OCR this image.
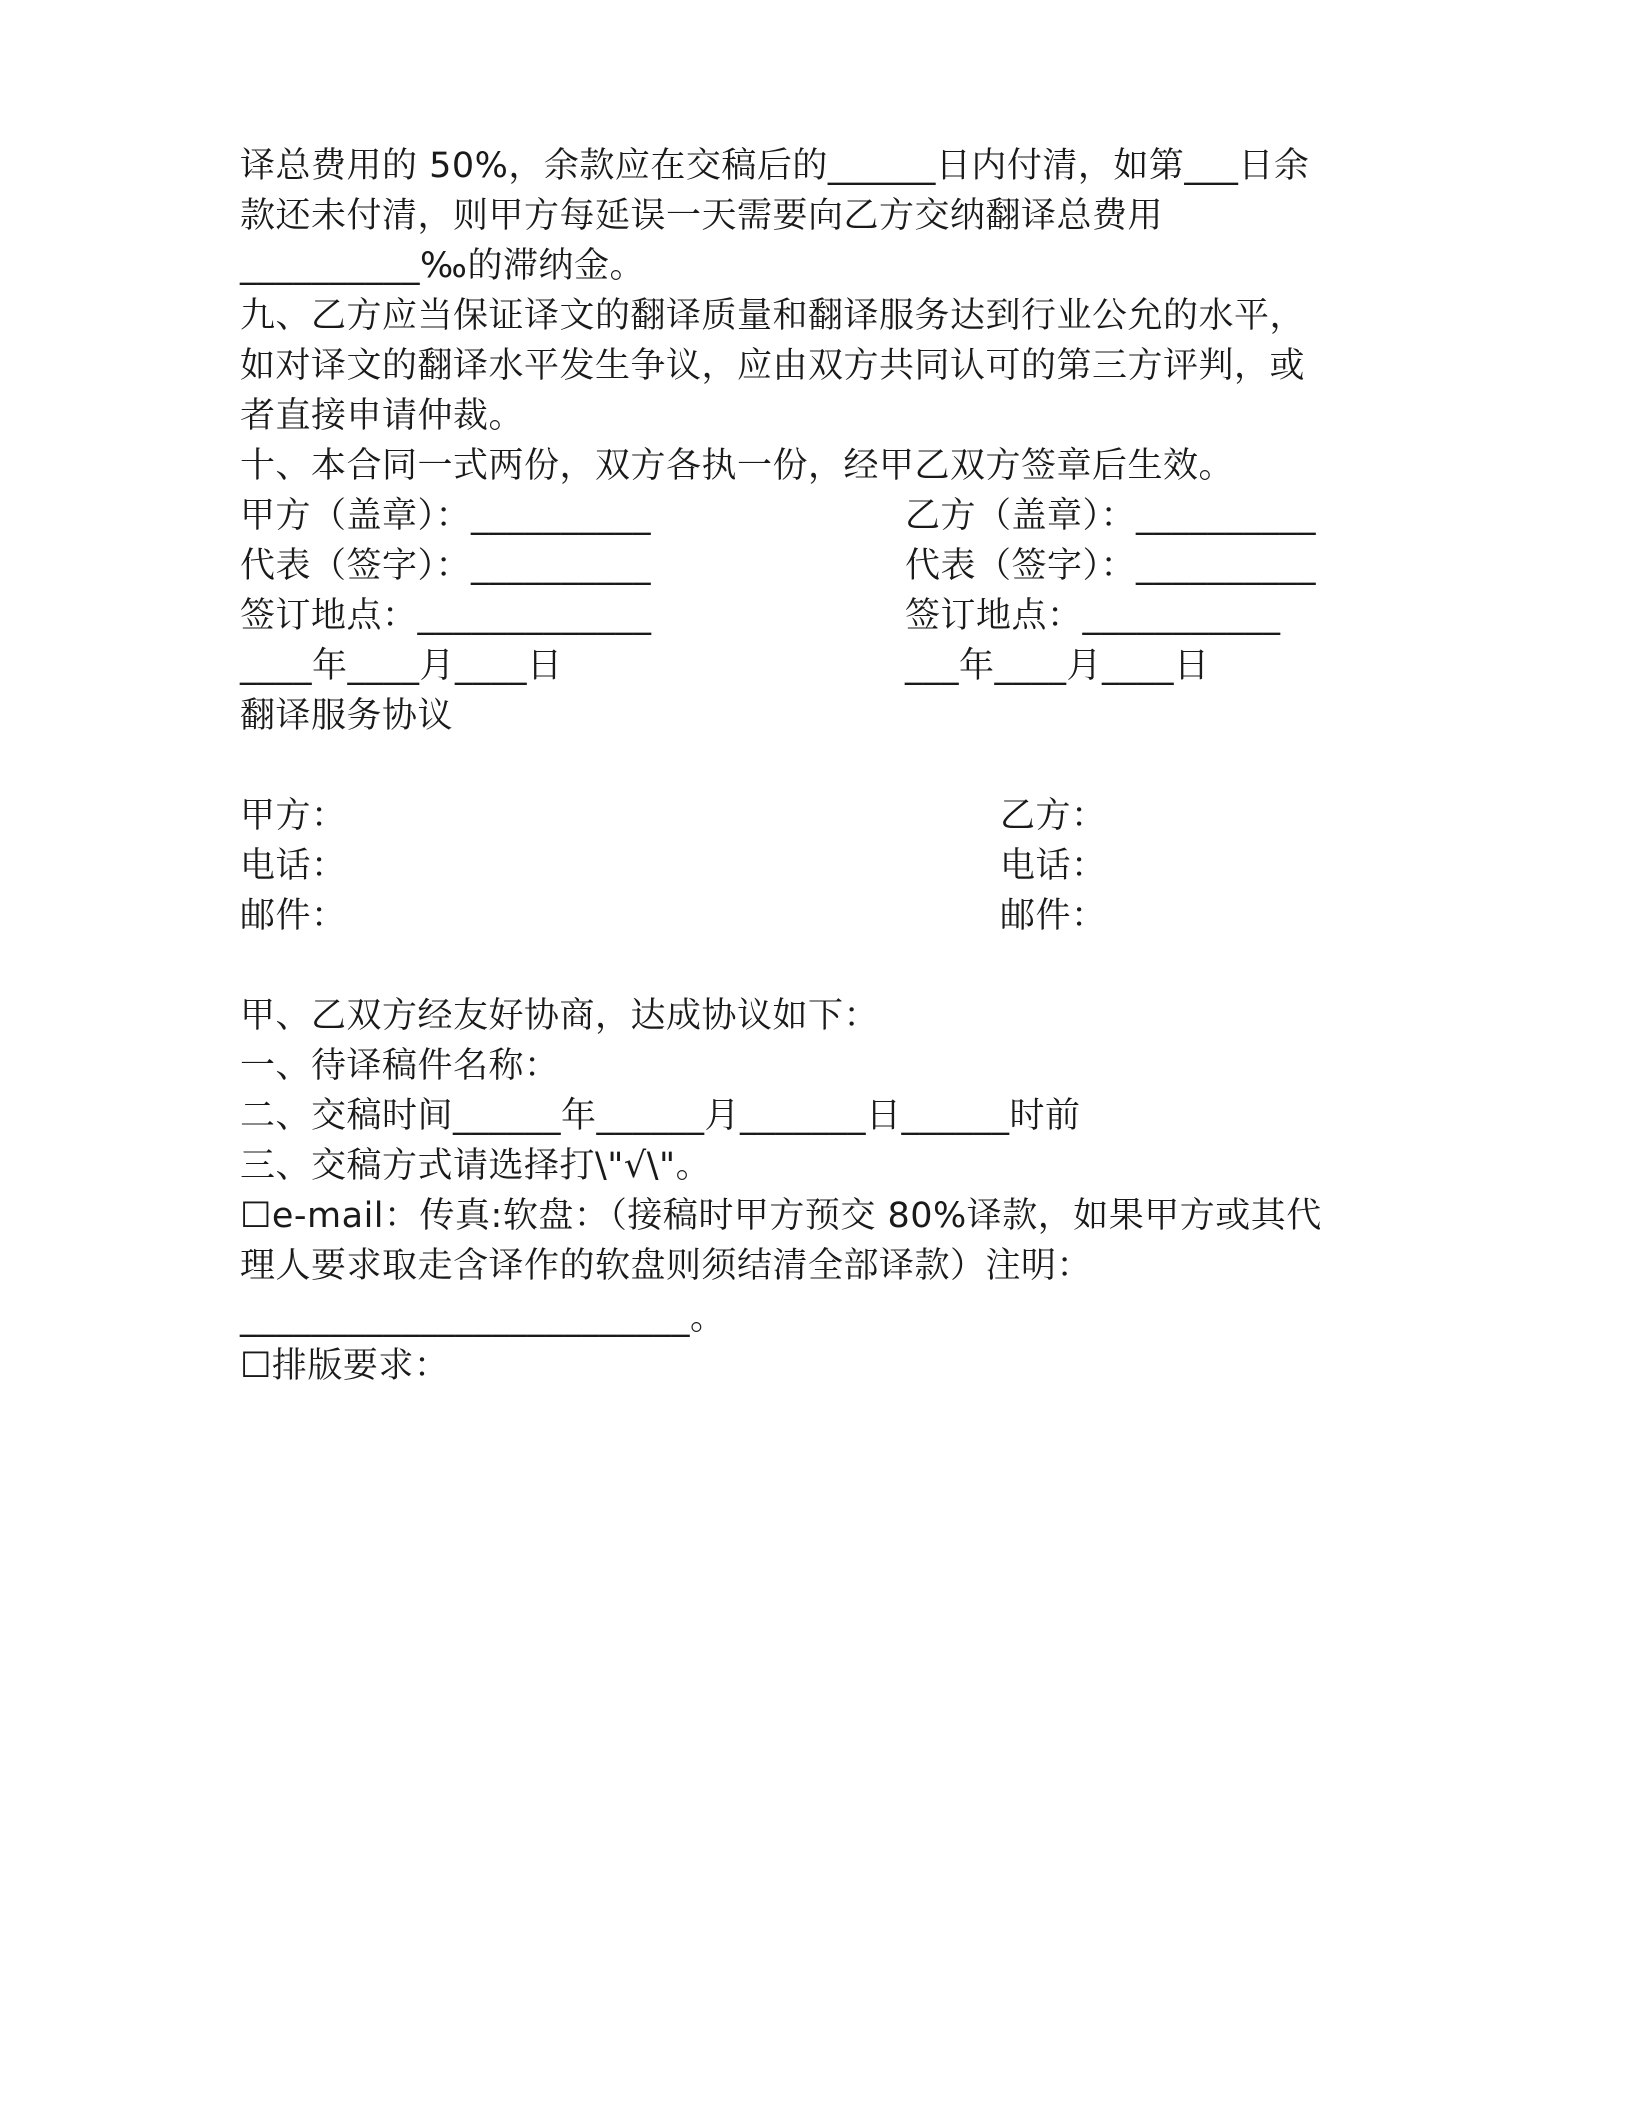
译总费用的 50%，余款应在交稿后的______日内付清，如第___日余
款还未付清，则甲方每延误一天需要向乙方交纳翻译总费用
__________‰的滞纳金。
九、乙方应当保证译文的翻译质量和翻译服务达到行业公允的水平，
如对译文的翻译水平发生争议，应由双方共同认可的第三方评判，或
者直接申请仲裁。
十、本合同一式两份，双方各执一份，经甲乙双方签章后生效。
甲方（盖章）：__________	乙方（盖章）：__________
代表（签字）：__________	代表（签字）：__________
签订地点：_____________	签订地点：___________
____年____月____日	___年____月____日
翻译服务协议
甲方：	乙方：
电话：	电话：
邮件：	邮件：
甲、乙双方经友好协商，达成协议如下：
一、待译稿件名称：
二、交稿时间______年______月_______日______时前
三、交稿方式请选择打\"√\"。
☐e-mail：传真:软盘：（接稿时甲方预交 80%译款，如果甲方或其代
理人要求取走含译作的软盘则须结清全部译款）注明：
_________________________。
☐排版要求：
